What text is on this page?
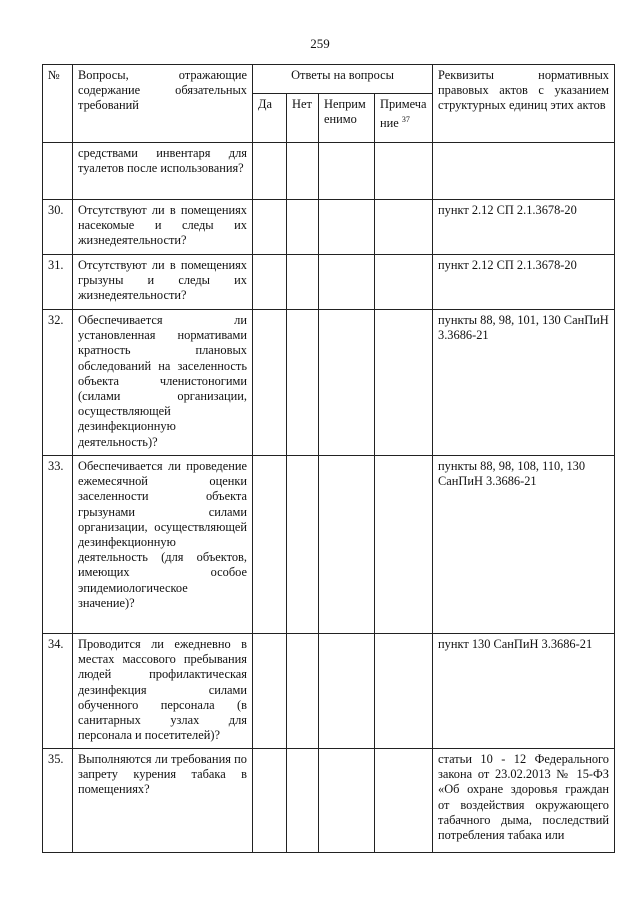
259
№	Вопросы, отражающие содержание обязательных требований	Ответы на вопросы				Реквизиты нормативных правовых актов с указанием структурных единиц этих актов
		Да	Нет	Неприменимо	Примечание $^{37}$
	средствами инвентаря для туалетов после использования?					
30.	Отсутствуют ли в помещениях насекомые и следы их жизнедеятельности?					пункт 2.12 СП 2.1.3678-20
31.	Отсутствуют ли в помещениях грызуны и следы их жизнедеятельности?					пункт 2.12 СП 2.1.3678-20
32.	Обеспечивается ли установленная нормативами кратность плановых обследований на заселенность объекта членистоногими (силами организации, осуществляющей дезинфекционную деятельность)?					пункты 88, 98, 101, 130 СанПиН 3.3686-21
33.	Обеспечивается ли проведение ежемесячной оценки заселенности объекта грызунами силами организации, осуществляющей дезинфекционную деятельность (для объектов, имеющих особое эпидемиологическое значение)?					пункты 88, 98, 108, 110, 130 СанПиН 3.3686-21
34.	Проводится ли ежедневно в местах массового пребывания людей профилактическая дезинфекция силами обученного персонала (в санитарных узлах для персонала и посетителей)?					пункт 130 СанПиН 3.3686-21
35.	Выполняются ли требования по запрету курения табака в помещениях?					статьи 10 - 12 Федерального закона от 23.02.2013 № 15-ФЗ «Об охране здоровья граждан от воздействия окружающего табачного дыма, последствий потребления табака или
